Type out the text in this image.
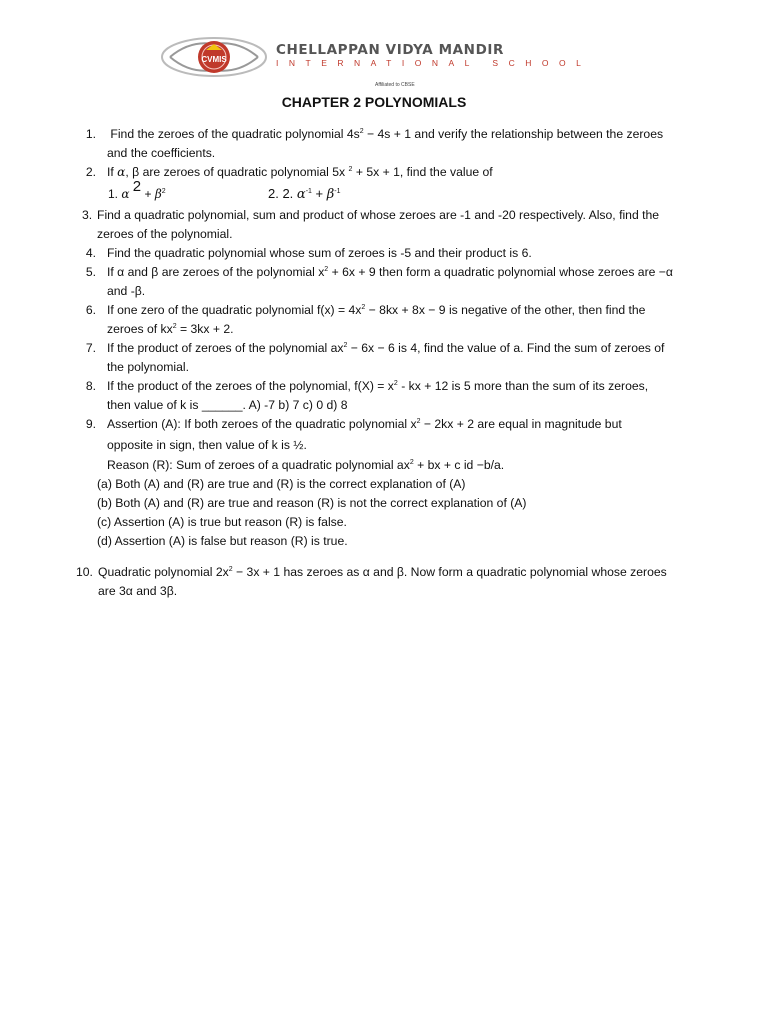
CVMIS
CHELLAPPAN VIDYA MANDIR
INTERNATIONAL SCHOOL
Affiliated to CBSE
CHAPTER 2 POLYNOMIALS
1. Find the zeroes of the quadratic polynomial $4s^2 - 4s + 1$ and verify the relationship between the zeroes
and the coefficients.
2. If α, β are zeroes of quadratic polynomial 5x $^2$ + 5x + 1, find the value of
1. α $2 + \beta^2$	2. 2. $\alpha^{-1} + \beta^{-1}$
3. Find a quadratic polynomial, sum and product of whose zeroes are -1 and -20 respectively. Also, find the
zeroes of the polynomial.
4. Find the quadratic polynomial whose sum of zeroes is -5 and their product is 6.
5. If α and β are zeroes of the polynomial $x^2 + 6x + 9$ then form a quadratic polynomial whose zeroes are −α
and -β.
6. If one zero of the quadratic polynomial $f(x) = 4x^2 - 8kx + 8x - 9$ is negative of the other, then find the
zeroes of $kx^2 = 3kx + 2$.
7. If the product of zeroes of the polynomial $ax^2 - 6x - 6$ is 4, find the value of a. Find the sum of zeroes of
the polynomial.
8. If the product of the zeroes of the polynomial, $f(X) = x^2$ - kx + 12 is 5 more than the sum of its zeroes,
then value of k is ______. A) -7 b) 7 c) 0 d) 8
9. Assertion (A): If both zeroes of the quadratic polynomial $x^2 - 2kx + 2$ are equal in magnitude but
opposite in sign, then value of k is ½.
Reason (R): Sum of zeroes of a quadratic polynomial $ax^2$ + bx + c id −b/a.
(a) Both (A) and (R) are true and (R) is the correct explanation of (A)
(b) Both (A) and (R) are true and reason (R) is not the correct explanation of (A)
(c) Assertion (A) is true but reason (R) is false.
(d) Assertion (A) is false but reason (R) is true.
10. Quadratic polynomial $2x^2 - 3x + 1$ has zeroes as α and β. Now form a quadratic polynomial whose zeroes
are 3α and 3β.
